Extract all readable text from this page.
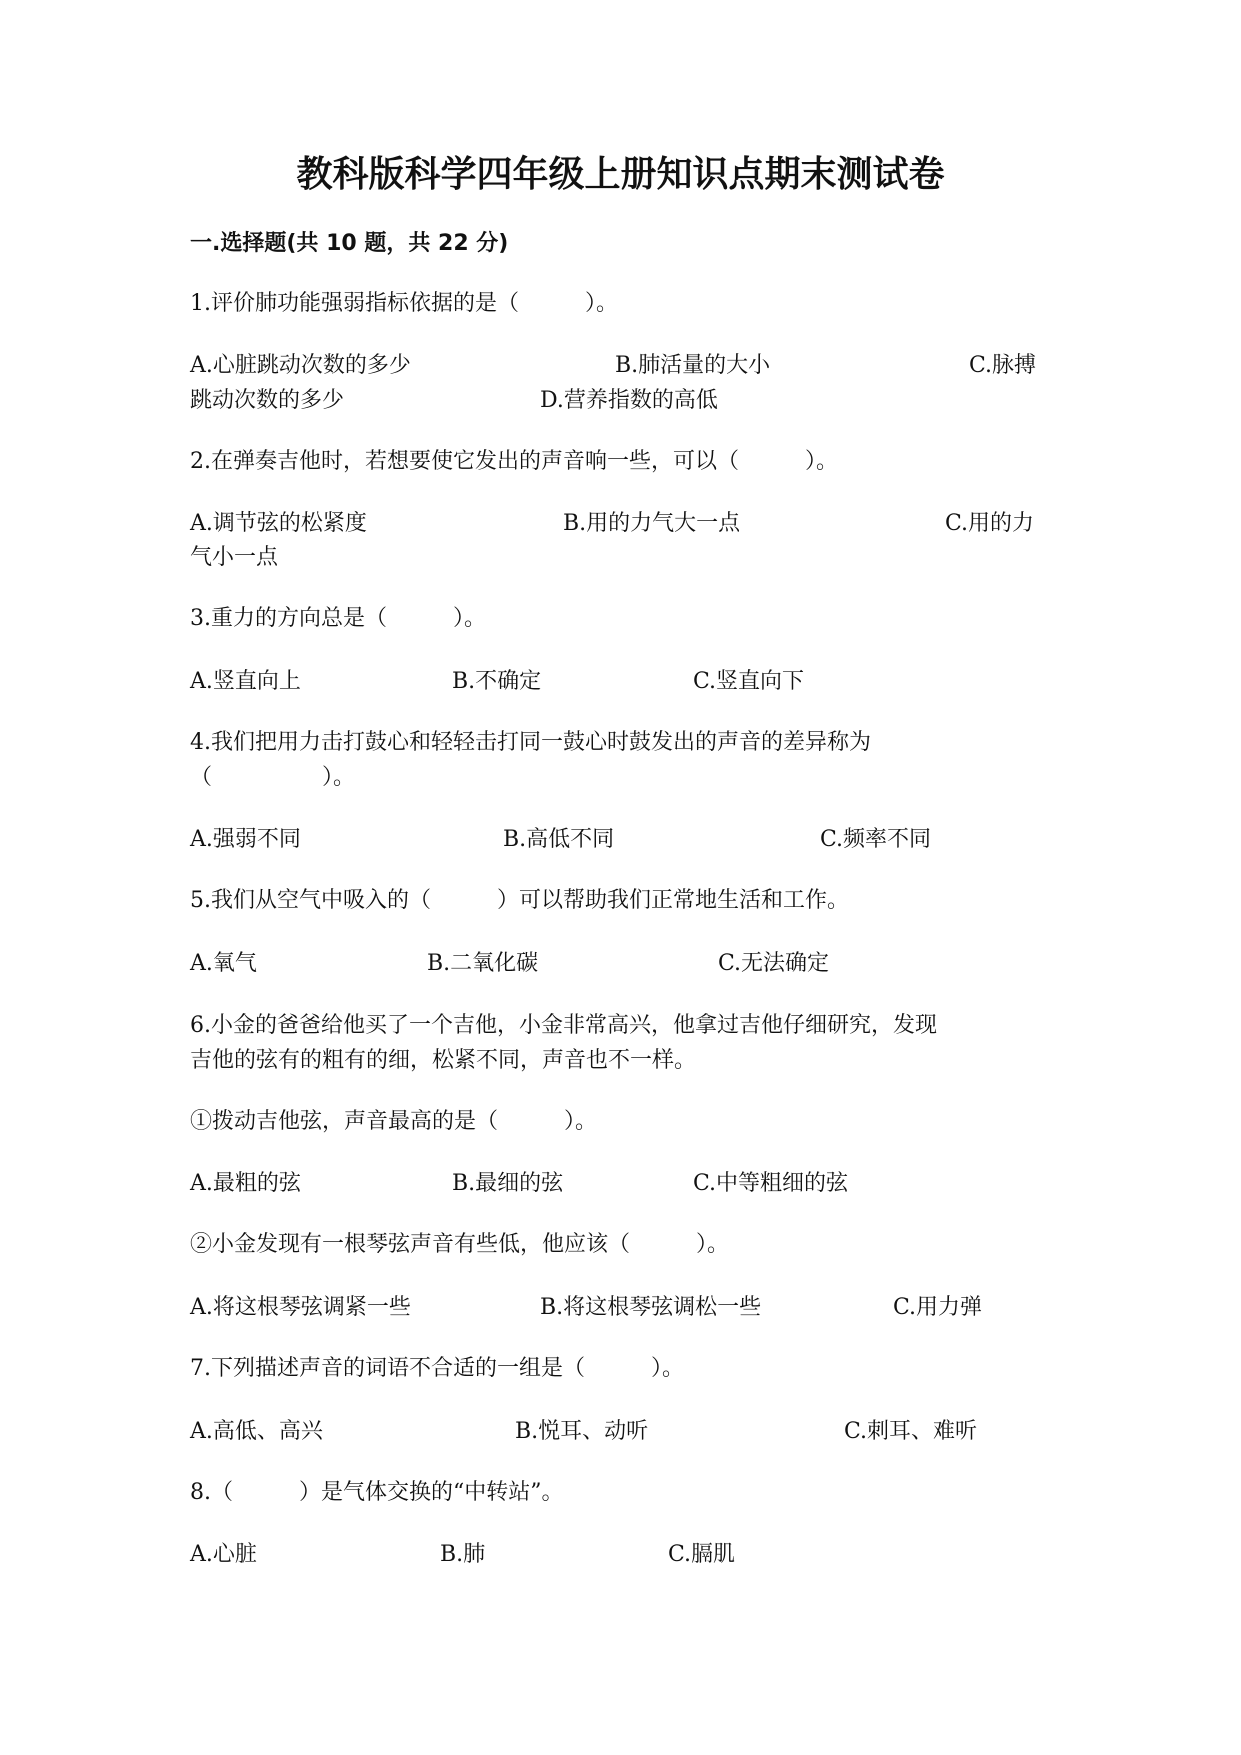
教科版科学四年级上册知识点期末测试卷
一.选择题(共 10 题，共 22 分)
1.评价肺功能强弱指标依据的是（　　　）。
A.心脏跳动次数的多少	B.肺活量的大小	C.脉搏
跳动次数的多少	D.营养指数的高低
2.在弹奏吉他时，若想要使它发出的声音响一些，可以（　　　）。
A.调节弦的松紧度	B.用的力气大一点	C.用的力
气小一点
3.重力的方向总是（　　　）。
A.竖直向上	B.不确定	C.竖直向下
4.我们把用力击打鼓心和轻轻击打同一鼓心时鼓发出的声音的差异称为
（　　　　　）。
A.强弱不同	B.高低不同	C.频率不同
5.我们从空气中吸入的（　　　）可以帮助我们正常地生活和工作。
A.氧气	B.二氧化碳	C.无法确定
6.小金的爸爸给他买了一个吉他，小金非常高兴，他拿过吉他仔细研究，发现
吉他的弦有的粗有的细，松紧不同，声音也不一样。
①拨动吉他弦，声音最高的是（　　　）。
A.最粗的弦	B.最细的弦	C.中等粗细的弦
②小金发现有一根琴弦声音有些低，他应该（　　　）。
A.将这根琴弦调紧一些	B.将这根琴弦调松一些	C.用力弹
7.下列描述声音的词语不合适的一组是（　　　）。
A.高低、高兴	B.悦耳、动听	C.刺耳、难听
8.（　　　）是气体交换的“中转站”。
A.心脏	B.肺	C.膈肌
